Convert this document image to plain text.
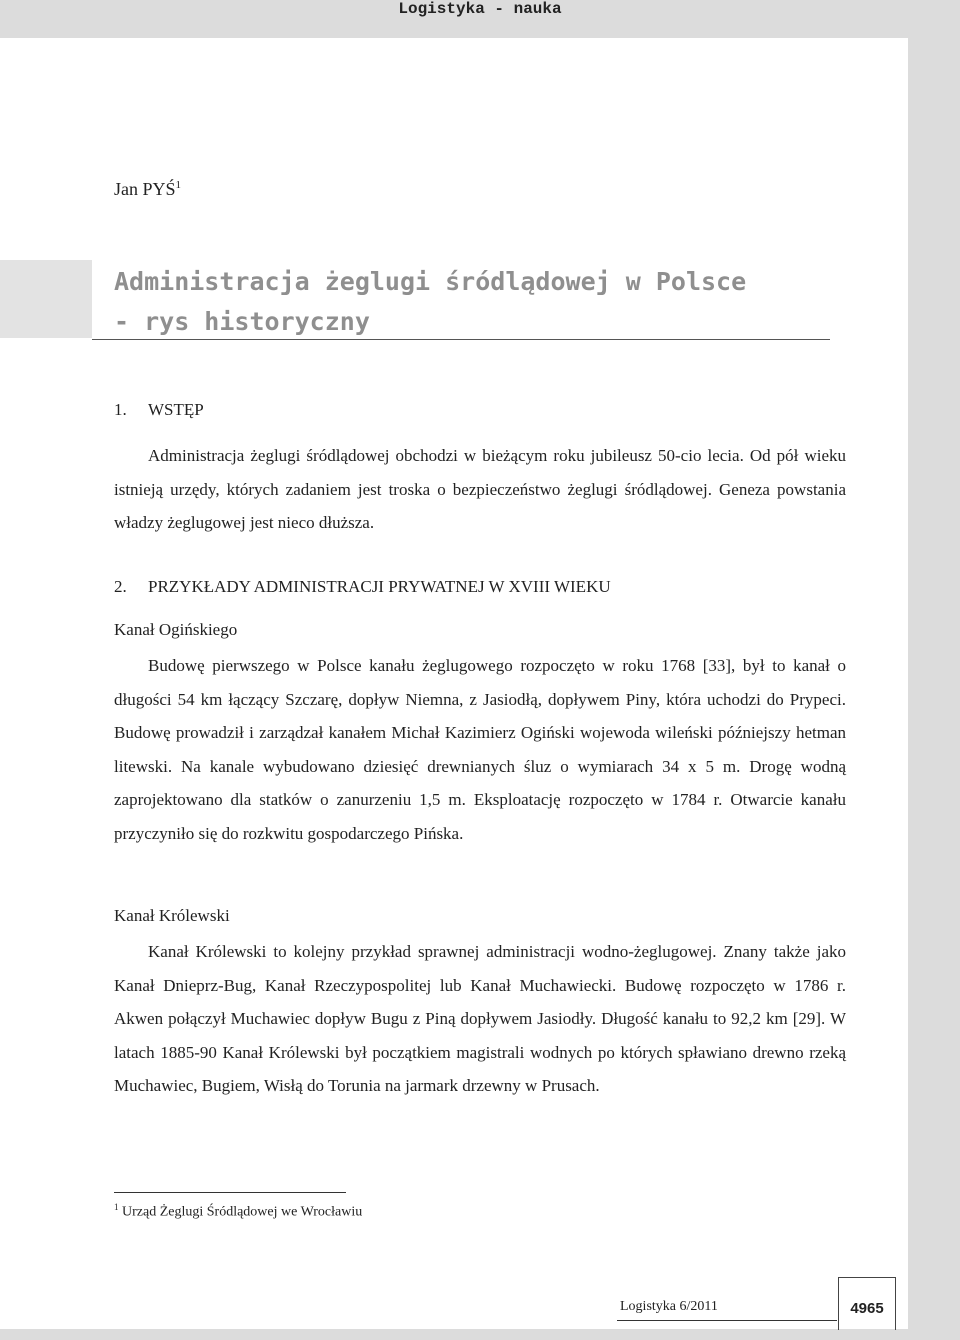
Logistyka - nauka
Jan PYŚ$^1$
Administracja żeglugi śródlądowej w Polsce
- rys historyczny
1. WSTĘP
Administracja żeglugi śródlądowej obchodzi w bieżącym roku jubileusz 50-cio lecia. Od pół wieku istnieją urzędy, których zadaniem jest troska o bezpieczeństwo żeglugi śródlądowej. Geneza powstania władzy żeglugowej jest nieco dłuższa.
2. PRZYKŁADY ADMINISTRACJI PRYWATNEJ W XVIII WIEKU
Kanał Ogińskiego
Budowę pierwszego w Polsce kanału żeglugowego rozpoczęto w roku 1768 [33], był to kanał o długości 54 km łączący Szczarę, dopływ Niemna, z Jasiodłą, dopływem Piny, która uchodzi do Prypeci. Budowę prowadził i zarządzał kanałem Michał Kazimierz Ogiński wojewoda wileński późniejszy hetman litewski. Na kanale wybudowano dziesięć drewnianych śluz o wymiarach 34 x 5 m. Drogę wodną zaprojektowano dla statków o zanurzeniu 1,5 m. Eksploatację rozpoczęto w 1784 r. Otwarcie kanału przyczyniło się do rozkwitu gospodarczego Pińska.
Kanał Królewski
Kanał Królewski to kolejny przykład sprawnej administracji wodno-żeglugowej. Znany także jako Kanał Dnieprz-Bug, Kanał Rzeczypospolitej lub Kanał Muchawiecki. Budowę rozpoczęto w 1786 r. Akwen połączył Muchawiec dopływ Bugu z Piną dopływem Jasiodły. Długość kanału to 92,2 km [29]. W latach 1885-90 Kanał Królewski był początkiem magistrali wodnych po których spławiano drewno rzeką Muchawiec, Bugiem, Wisłą do Torunia na jarmark drzewny w Prusach.
$^1$ Urząd Żeglugi Śródlądowej we Wrocławiu
Logistyka 6/2011	4965
